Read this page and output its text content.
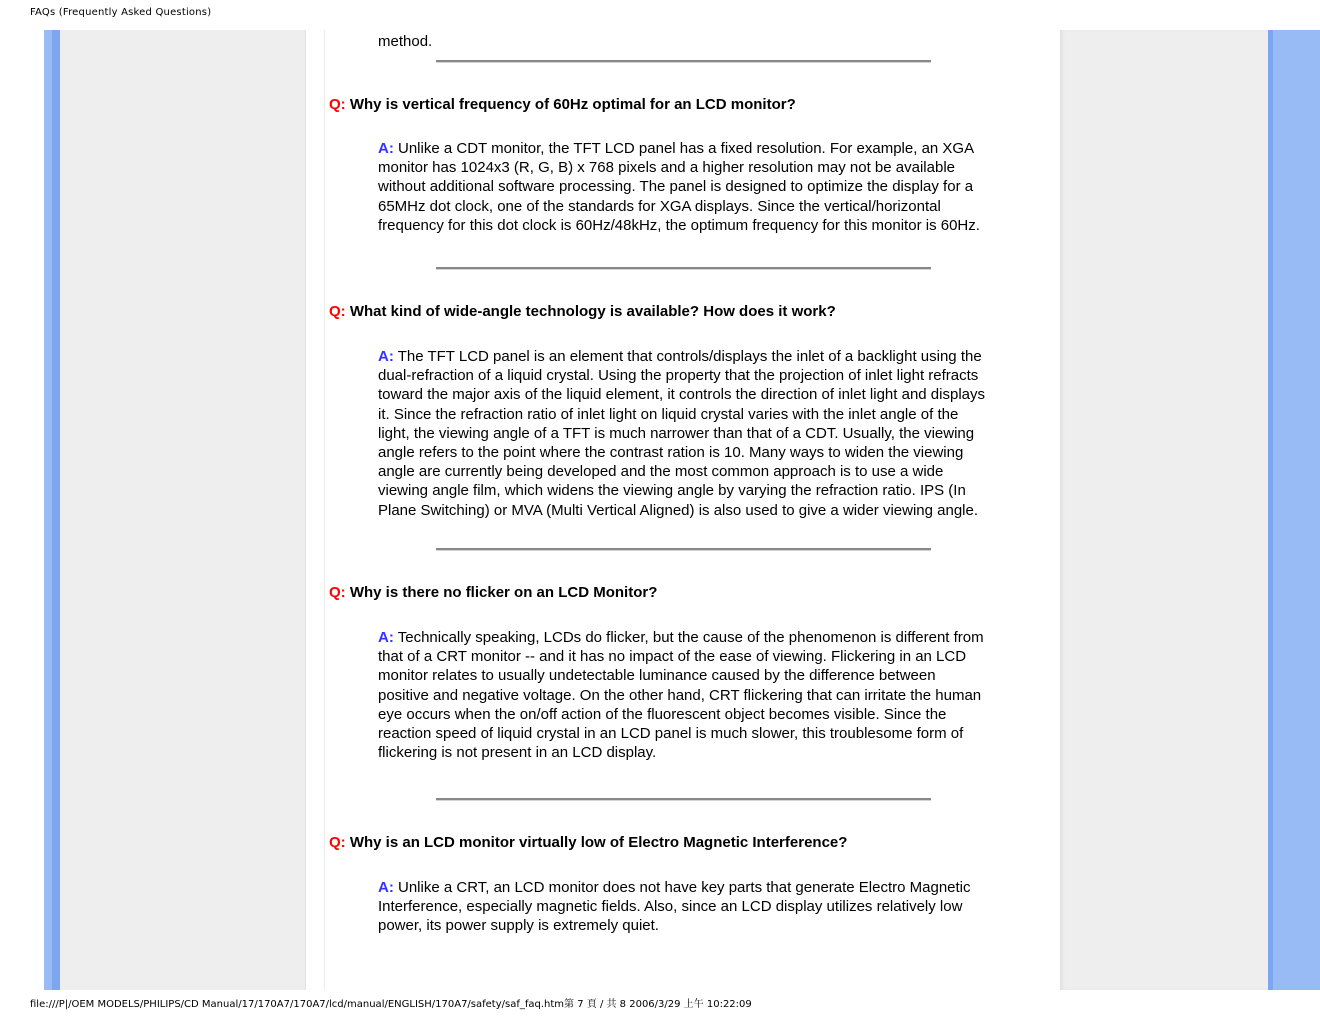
FAQs (Frequently Asked Questions)

method.

Q: Why is vertical frequency of 60Hz optimal for an LCD monitor?

A: Unlike a CDT monitor, the TFT LCD panel has a fixed resolution. For example, an XGA monitor has 1024x3 (R, G, B) x 768 pixels and a higher resolution may not be available without additional software processing. The panel is designed to optimize the display for a 65MHz dot clock, one of the standards for XGA displays. Since the vertical/horizontal frequency for this dot clock is 60Hz/48kHz, the optimum frequency for this monitor is 60Hz.

Q: What kind of wide-angle technology is available? How does it work?

A: The TFT LCD panel is an element that controls/displays the inlet of a backlight using the dual-refraction of a liquid crystal. Using the property that the projection of inlet light refracts toward the major axis of the liquid element, it controls the direction of inlet light and displays it. Since the refraction ratio of inlet light on liquid crystal varies with the inlet angle of the light, the viewing angle of a TFT is much narrower than that of a CDT. Usually, the viewing angle refers to the point where the contrast ration is 10. Many ways to widen the viewing angle are currently being developed and the most common approach is to use a wide viewing angle film, which widens the viewing angle by varying the refraction ratio. IPS (In Plane Switching) or MVA (Multi Vertical Aligned) is also used to give a wider viewing angle.

Q: Why is there no flicker on an LCD Monitor?

A: Technically speaking, LCDs do flicker, but the cause of the phenomenon is different from that of a CRT monitor -- and it has no impact of the ease of viewing. Flickering in an LCD monitor relates to usually undetectable luminance caused by the difference between positive and negative voltage. On the other hand, CRT flickering that can irritate the human eye occurs when the on/off action of the fluorescent object becomes visible. Since the reaction speed of liquid crystal in an LCD panel is much slower, this troublesome form of flickering is not present in an LCD display.

Q: Why is an LCD monitor virtually low of Electro Magnetic Interference?

A: Unlike a CRT, an LCD monitor does not have key parts that generate Electro Magnetic Interference, especially magnetic fields. Also, since an LCD display utilizes relatively low power, its power supply is extremely quiet.

file:///P|/OEM MODELS/PHILIPS/CD Manual/17/170A7/170A7/lcd/manual/ENGLISH/170A7/safety/saf_faq.htm第 7 頁 / 共 8 2006/3/29 上午 10:22:09
